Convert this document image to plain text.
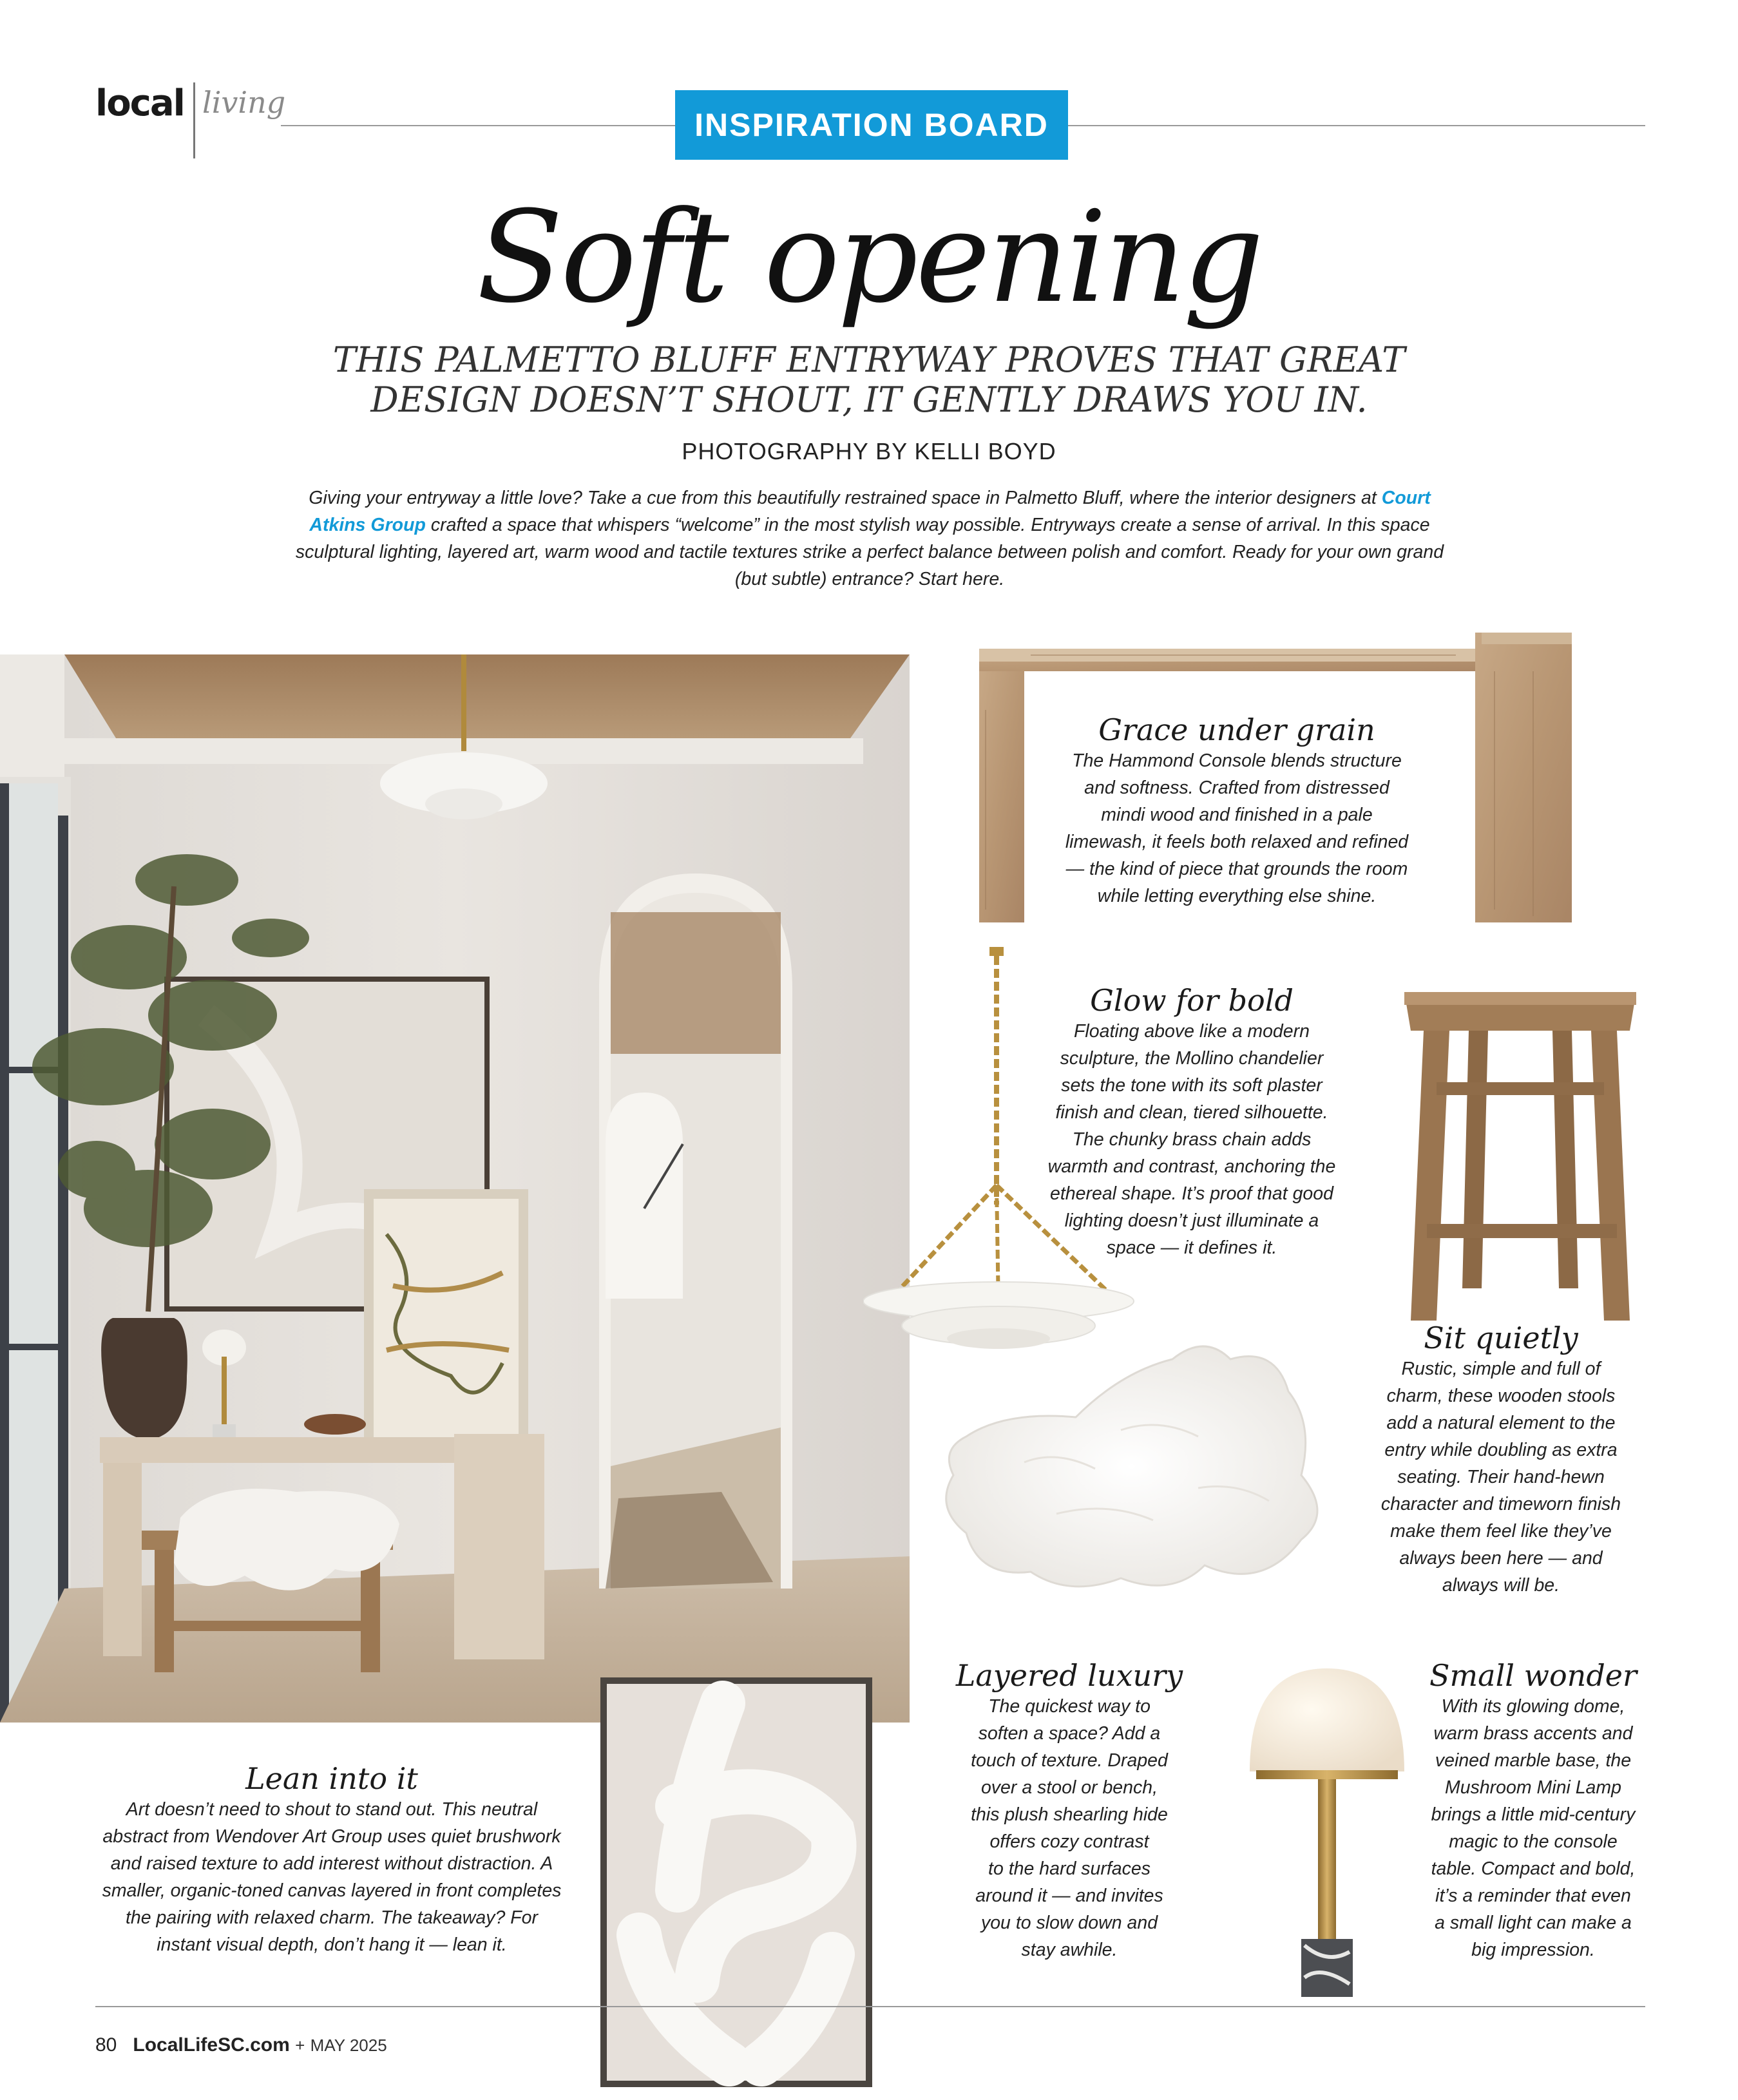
local living
INSPIRATION BOARD
Soft opening
THIS PALMETTO BLUFF ENTRYWAY PROVES THAT GREAT
DESIGN DOESN’T SHOUT, IT GENTLY DRAWS YOU IN.
PHOTOGRAPHY BY KELLI BOYD
Giving your entryway a little love? Take a cue from this beautifully restrained space in Palmetto Bluff, where the interior designers at Court Atkins Group crafted a space that whispers “welcome” in the most stylish way possible. Entryways create a sense of arrival. In this space sculptural lighting, layered art, warm wood and tactile textures strike a perfect balance between polish and comfort. Ready for your own grand (but subtle) entrance? Start here.
Grace under grain

The Hammond Console blends structure

and softness. Crafted from distressed

mindi wood and finished in a pale

limewash, it feels both relaxed and refined

— the kind of piece that grounds the room

while letting everything else shine.

Glow for bold

Floating above like a modern

sculpture, the Mollino chandelier

sets the tone with its soft plaster

finish and clean, tiered silhouette.

The chunky brass chain adds

warmth and contrast, anchoring the

ethereal shape. It’s proof that good

lighting doesn’t just illuminate a

space — it defines it.

Sit quietly

Rustic, simple and full of

charm, these wooden stools

add a natural element to the

entry while doubling as extra

seating. Their hand-hewn

character and timeworn finish

make them feel like they’ve

always been here — and

always will be.

Layered luxury

The quickest way to

soften a space? Add a

touch of texture. Draped

over a stool or bench,

this plush shearling hide

offers cozy contrast

to the hard surfaces

around it — and invites

you to slow down and

stay awhile.

Small wonder

With its glowing dome,

warm brass accents and

veined marble base, the

Mushroom Mini Lamp

brings a little mid-century

magic to the console

table. Compact and bold,

it’s a reminder that even

a small light can make a

big impression.

Lean into it

Art doesn’t need to shout to stand out. This neutral

abstract from Wendover Art Group uses quiet brushwork

and raised texture to add interest without distraction. A

smaller, organic-toned canvas layered in front completes

the pairing with relaxed charm. The takeaway? For

instant visual depth, don’t hang it — lean it.

80 LocalLifeSC.com + MAY 2025
